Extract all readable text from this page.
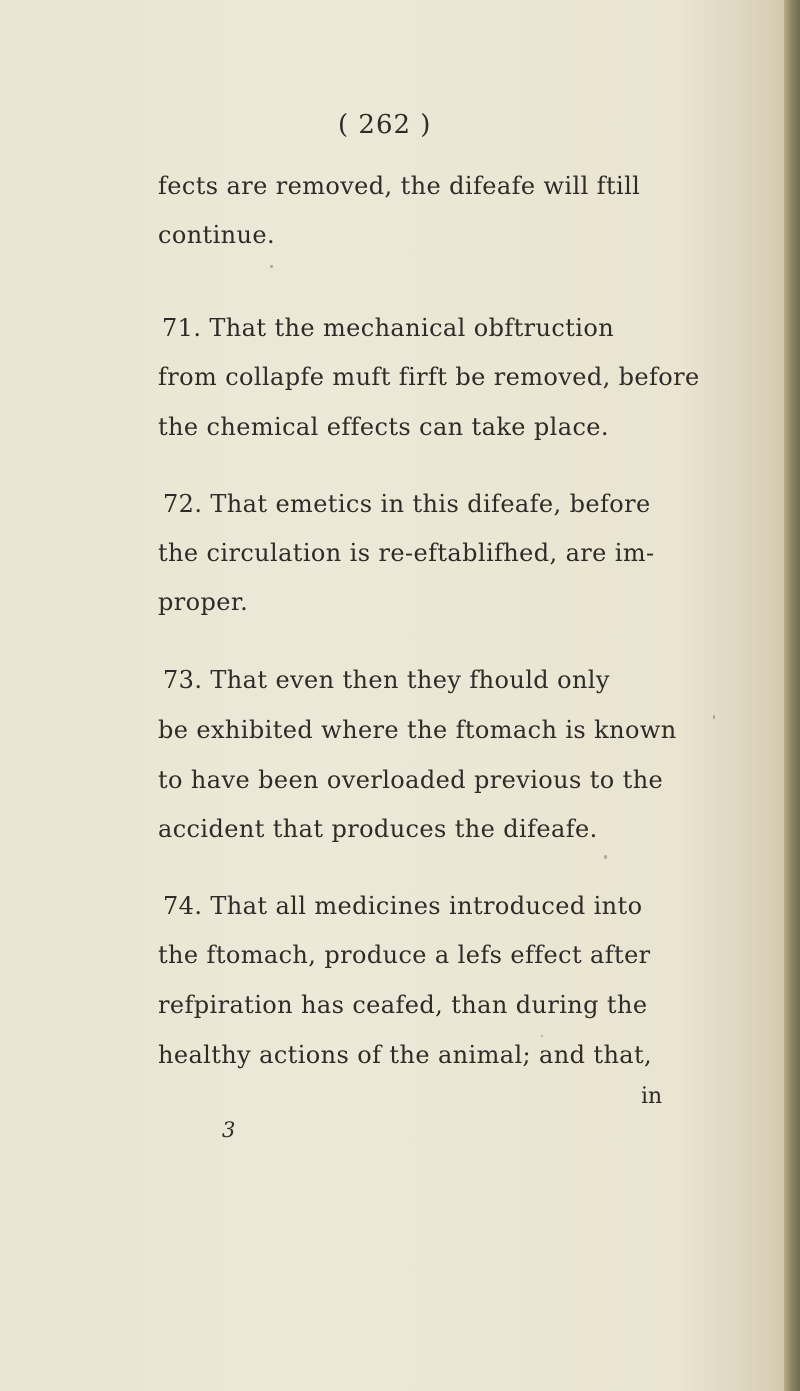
( 262 )
fects are removed, the difeafe will ftill
continue.
71. That the mechanical obftruction
from collapfe muft firft be removed, before
the chemical effects can take place.
72. That emetics in this difeafe, before
the circulation is re-eftablifhed, are im-
proper.
73. That even then they fhould only
be exhibited where the ftomach is known
to have been overloaded previous to the
accident that produces the difeafe.
74. That all medicines introduced into
the ftomach, produce a lefs effect after
refpiration has ceafed, than during the
healthy actions of the animal; and that,
in
3
